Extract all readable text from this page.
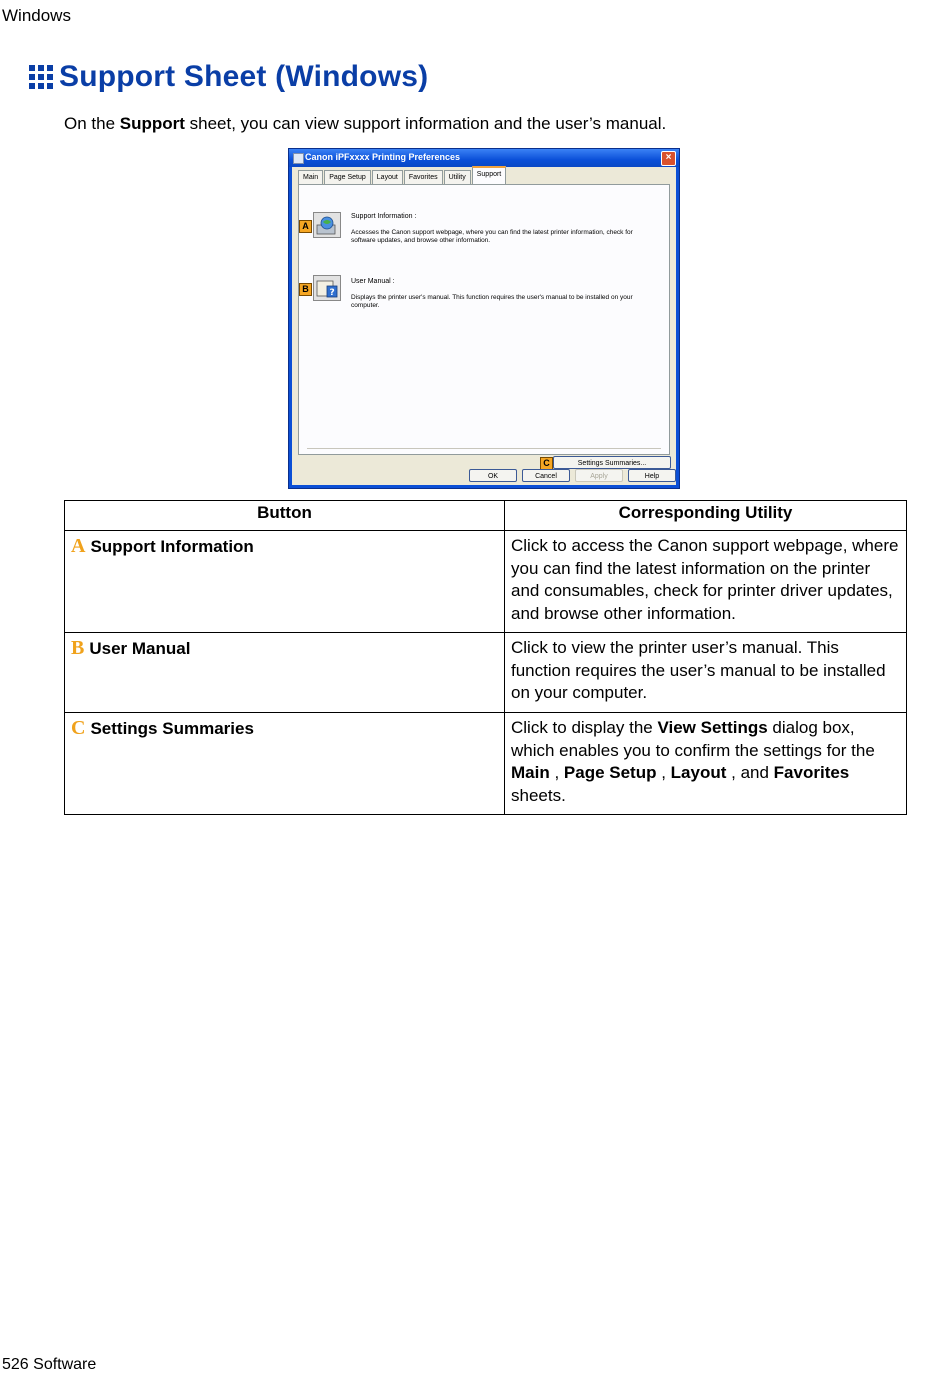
Windows
Support Sheet (Windows)
On the Support sheet, you can view support information and the user’s manual.
Canon iPFxxxx Printing Preferences	×
Main	Page Setup	Layout	Favorites	Utility	Support
A
Support Information :
Accesses the Canon support webpage, where you can find the latest printer information, check for software updates, and browse other information.
B	?
User Manual :
Displays the printer user's manual. This function requires the user's manual to be installed on your computer.
C	Settings Summaries...
OK	Cancel	Apply	Help
Button	Corresponding Utility
A Support Information	Click to access the Canon support webpage, where you can find the latest information on the printer and consumables, check for printer driver updates, and browse other information.
B User Manual	Click to view the printer user’s manual. This function requires the user’s manual to be installed on your computer.
C Settings Summaries	Click to display the View Settings dialog box, which enables you to confirm the settings for the Main , Page Setup , Layout , and Favorites sheets.
526 Software
